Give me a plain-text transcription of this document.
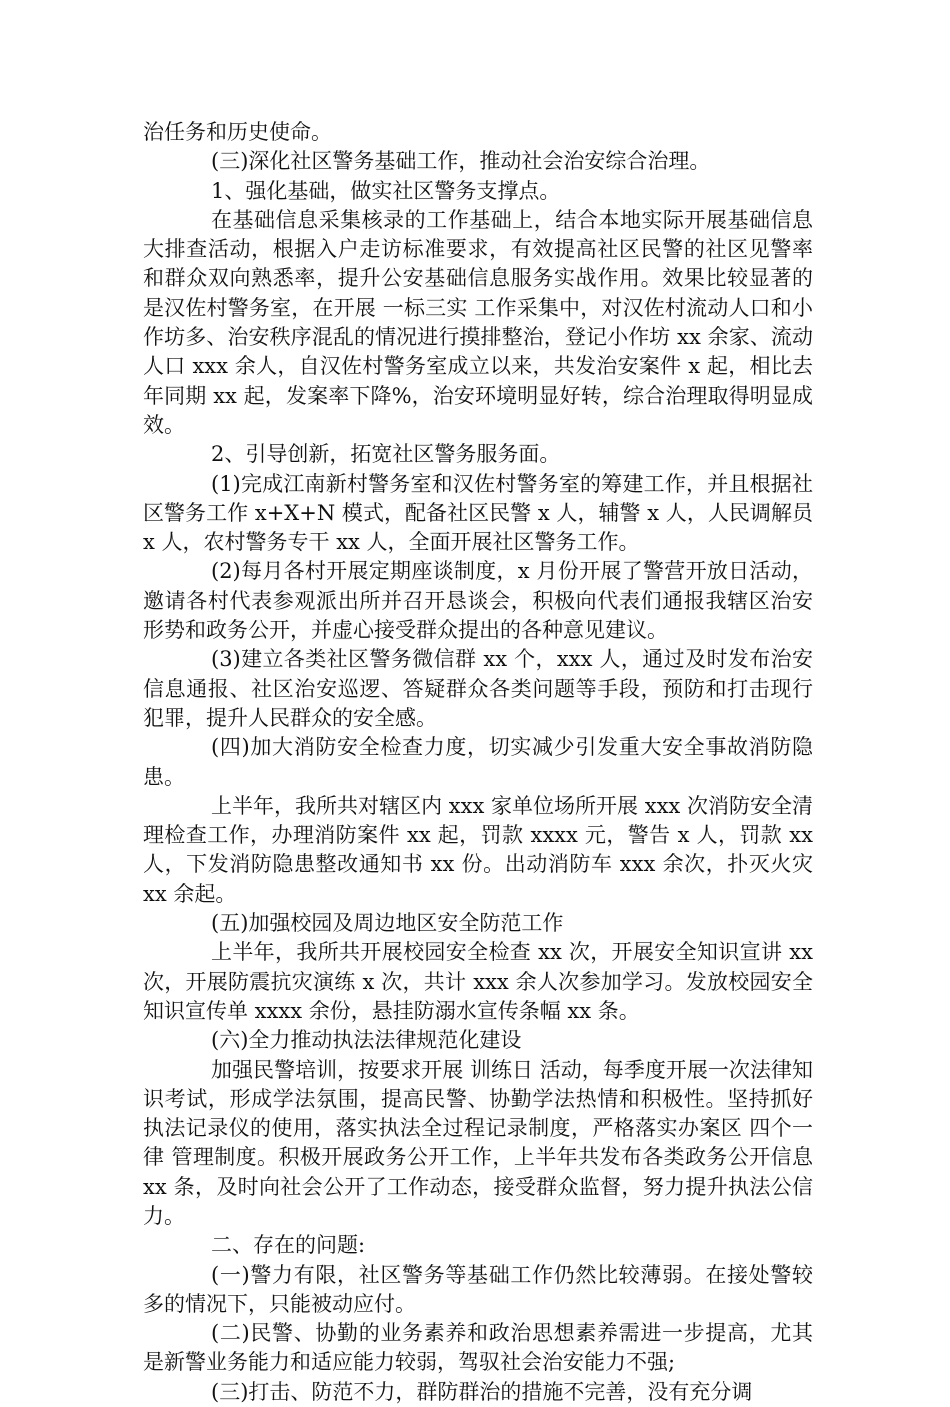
治任务和历史使命。

(三)深化社区警务基础工作，推动社会治安综合治理。

1、强化基础，做实社区警务支撑点。

在基础信息采集核录的工作基础上，结合本地实际开展基础信息大排查活动，根据入户走访标准要求，有效提高社区民警的社区见警率和群众双向熟悉率，提升公安基础信息服务实战作用。效果比较显著的是汉佐村警务室，在开展 一标三实 工作采集中，对汉佐村流动人口和小作坊多、治安秩序混乱的情况进行摸排整治，登记小作坊 xx 余家、流动人口 xxx 余人，自汉佐村警务室成立以来，共发治安案件 x 起，相比去年同期 xx 起，发案率下降%，治安环境明显好转，综合治理取得明显成效。

2、引导创新，拓宽社区警务服务面。

(1)完成江南新村警务室和汉佐村警务室的筹建工作，并且根据社区警务工作 x+X+N 模式，配备社区民警 x 人，辅警 x 人，人民调解员 x 人，农村警务专干 xx 人，全面开展社区警务工作。

(2)每月各村开展定期座谈制度，x 月份开展了警营开放日活动，邀请各村代表参观派出所并召开恳谈会，积极向代表们通报我辖区治安形势和政务公开，并虚心接受群众提出的各种意见建议。

(3)建立各类社区警务微信群 xx 个，xxx 人，通过及时发布治安信息通报、社区治安巡逻、答疑群众各类问题等手段，预防和打击现行犯罪，提升人民群众的安全感。

(四)加大消防安全检查力度，切实减少引发重大安全事故消防隐患。

上半年，我所共对辖区内 xxx 家单位场所开展 xxx 次消防安全清理检查工作，办理消防案件 xx 起，罚款 xxxx 元，警告 x 人，罚款 xx 人，下发消防隐患整改通知书 xx 份。出动消防车 xxx 余次，扑灭火灾 xx 余起。

(五)加强校园及周边地区安全防范工作

上半年，我所共开展校园安全检查 xx 次，开展安全知识宣讲 xx 次，开展防震抗灾演练 x 次，共计 xxx 余人次参加学习。发放校园安全知识宣传单 xxxx 余份，悬挂防溺水宣传条幅 xx 条。

(六)全力推动执法法律规范化建设

加强民警培训，按要求开展 训练日 活动，每季度开展一次法律知识考试，形成学法氛围，提高民警、协勤学法热情和积极性。坚持抓好执法记录仪的使用，落实执法全过程记录制度，严格落实办案区 四个一律 管理制度。积极开展政务公开工作，上半年共发布各类政务公开信息 xx 条，及时向社会公开了工作动态，接受群众监督，努力提升执法公信力。

二、存在的问题:

(一)警力有限，社区警务等基础工作仍然比较薄弱。在接处警较多的情况下，只能被动应付。

(二)民警、协勤的业务素养和政治思想素养需进一步提高，尤其是新警业务能力和适应能力较弱，驾驭社会治安能力不强;

(三)打击、防范不力，群防群治的措施不完善，没有充分调
